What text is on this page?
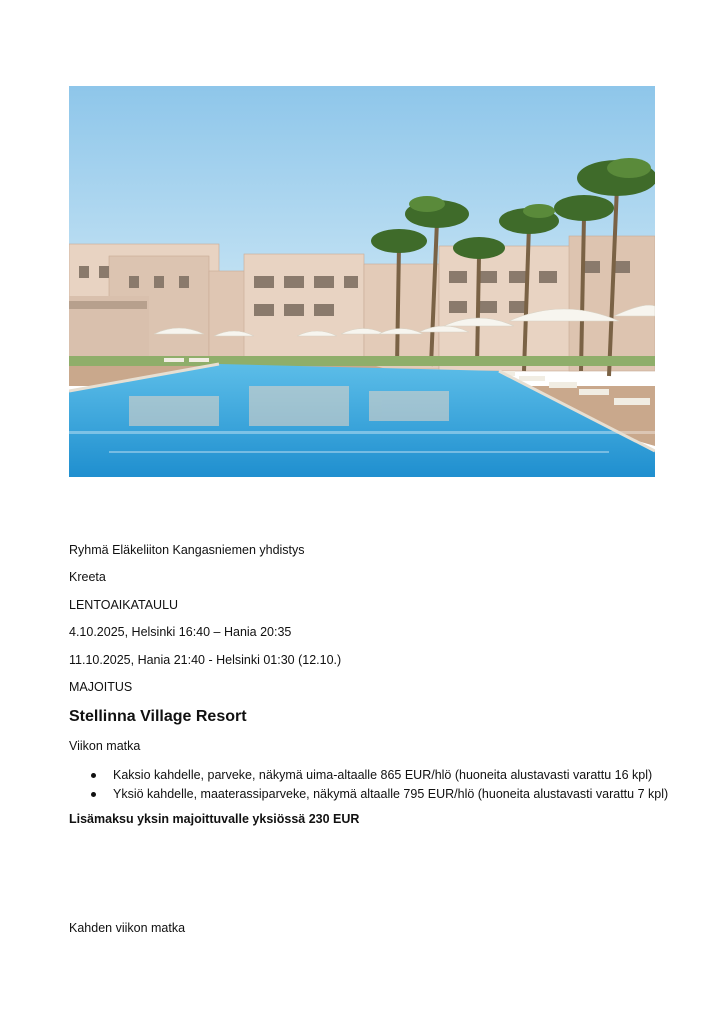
Ryhmä Eläkeliiton Kangasniemen yhdistys
Kreeta
LENTOAIKATAULU
4.10.2025, Helsinki 16:40 – Hania 20:35
11.10.2025, Hania 21:40 - Helsinki 01:30 (12.10.)
MAJOITUS
Stellinna Village Resort
Viikon matka
Kaksio kahdelle, parveke, näkymä uima-altaalle 865 EUR/hlö (huoneita alustavasti varattu 16 kpl)
Yksiö kahdelle, maaterassiparveke, näkymä altaalle 795 EUR/hlö (huoneita alustavasti varattu 7 kpl)
Lisämaksu yksin majoittuvalle yksiössä 230 EUR
Kahden viikon matka
